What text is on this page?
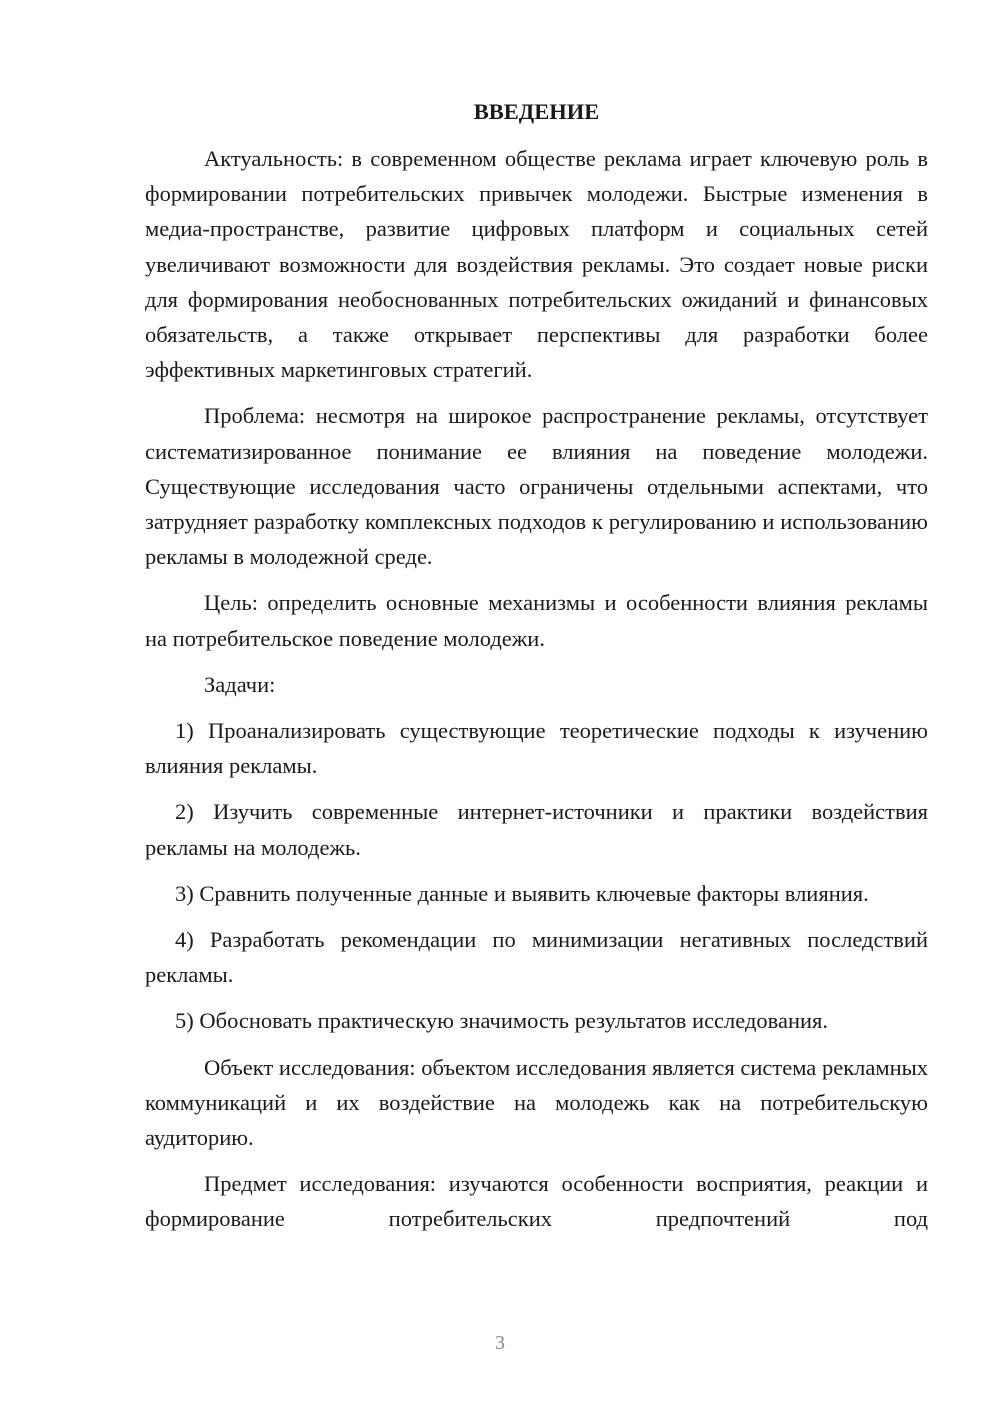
ВВЕДЕНИЕ

Актуальность: в современном обществе реклама играет ключевую роль в формировании потребительских привычек молодежи. Быстрые изменения в медиа-пространстве, развитие цифровых платформ и социальных сетей увеличивают возможности для воздействия рекламы. Это создает новые риски для формирования необоснованных потребительских ожиданий и финансовых обязательств, а также открывает перспективы для разработки более эффективных маркетинговых стратегий.

Проблема: несмотря на широкое распространение рекламы, отсутствует систематизированное понимание ее влияния на поведение молодежи. Существующие исследования часто ограничены отдельными аспектами, что затрудняет разработку комплексных подходов к регулированию и использованию рекламы в молодежной среде.

Цель: определить основные механизмы и особенности влияния рекламы на потребительское поведение молодежи.

Задачи:

1) Проанализировать существующие теоретические подходы к изучению влияния рекламы.

2) Изучить современные интернет-источники и практики воздействия рекламы на молодежь.

3) Сравнить полученные данные и выявить ключевые факторы влияния.

4) Разработать рекомендации по минимизации негативных последствий рекламы.

5) Обосновать практическую значимость результатов исследования.

Объект исследования: объектом исследования является система рекламных коммуникаций и их воздействие на молодежь как на потребительскую аудиторию.

Предмет исследования: изучаются особенности восприятия, реакции и формирование потребительских предпочтений под

3
